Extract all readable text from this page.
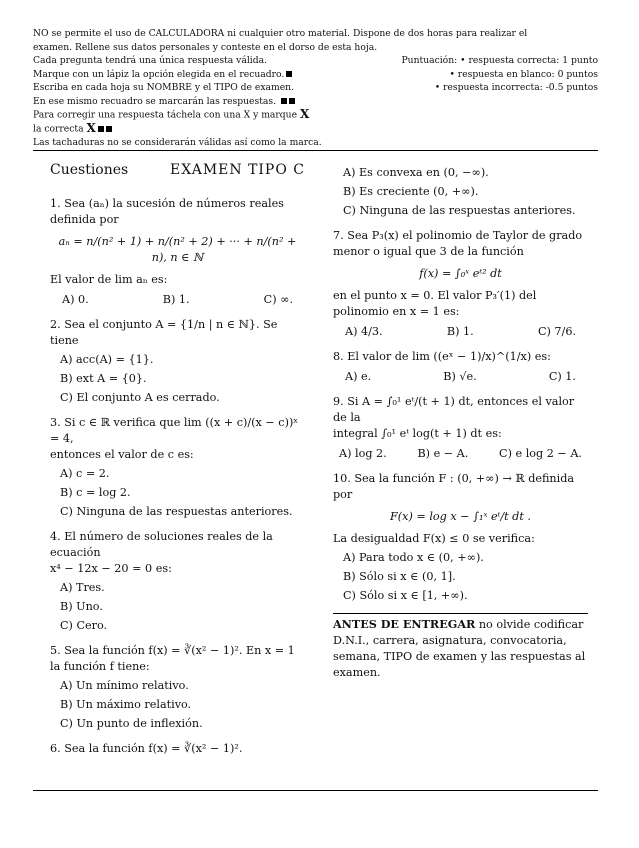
NO se permite el uso de CALCULADORA ni cualquier otro material. Dispone de dos horas para realizar el
examen. Rellene sus datos personales y conteste en el dorso de esta hoja.
Cada pregunta tendrá una única respuesta válida.	Puntuación: • respuesta correcta: 1 punto
Marque con un lápiz la opción elegida en el recuadro.	• respuesta en blanco: 0 puntos
Escriba en cada hoja su NOMBRE y el TIPO de examen.	• respuesta incorrecta: -0.5 puntos
En ese mismo recuadro se marcarán las respuestas.
Para corregir una respuesta táchela con una X y marque X
la correcta X
Las tachaduras no se considerarán válidas así como la marca.
Cuestiones	EXAMEN TIPO C
1. Sea (aₙ) la sucesión de números reales definida por
aₙ = n/(n² + 1) + n/(n² + 2) + ··· + n/(n² + n), n ∈ ℕ
El valor de lim aₙ es:
A) 0.	B) 1.	C) ∞.
2. Sea el conjunto A = {1/n | n ∈ ℕ}. Se tiene
A) acc(A) = {1}.
B) ext A = {0}.
C) El conjunto A es cerrado.
3. Si c ∈ ℝ verifica que lim ((x + c)/(x − c))ˣ = 4,
entonces el valor de c es:
A) c = 2.
B) c = log 2.
C) Ninguna de las respuestas anteriores.
4. El número de soluciones reales de la ecuación
x⁴ − 12x − 20 = 0 es:
A) Tres.
B) Uno.
C) Cero.
5. Sea la función f(x) = ∛(x² − 1)². En x = 1
la función f tiene:
A) Un mínimo relativo.
B) Un máximo relativo.
C) Un punto de inflexión.
6. Sea la función f(x) = ∛(x² − 1)².
A) Es convexa en (0, −∞).
B) Es creciente (0, +∞).
C) Ninguna de las respuestas anteriores.
7. Sea P₃(x) el polinomio de Taylor de grado menor o igual que 3 de la función
f(x) = ∫₀ˣ eᵗ² dt
en el punto x = 0. El valor P₃′(1) del polinomio en x = 1 es:
A) 4/3.	B) 1.	C) 7/6.
8. El valor de lim ((eˣ − 1)/x)^(1/x) es:
A) e.	B) √e.	C) 1.
9. Si A = ∫₀¹ eᵗ/(t + 1) dt, entonces el valor de la
integral ∫₀¹ eᵗ log(t + 1) dt es:
A) log 2.	B) e − A.	C) e log 2 − A.
10. Sea la función F : (0, +∞) → ℝ definida por
F(x) = log x − ∫₁ˣ eᵗ/t dt .
La desigualdad F(x) ≤ 0 se verifica:
A) Para todo x ∈ (0, +∞).
B) Sólo si x ∈ (0, 1].
C) Sólo si x ∈ [1, +∞).
ANTES DE ENTREGAR no olvide codificar D.N.I., carrera, asignatura, convocatoria, semana, TIPO de examen y las respuestas al examen.
